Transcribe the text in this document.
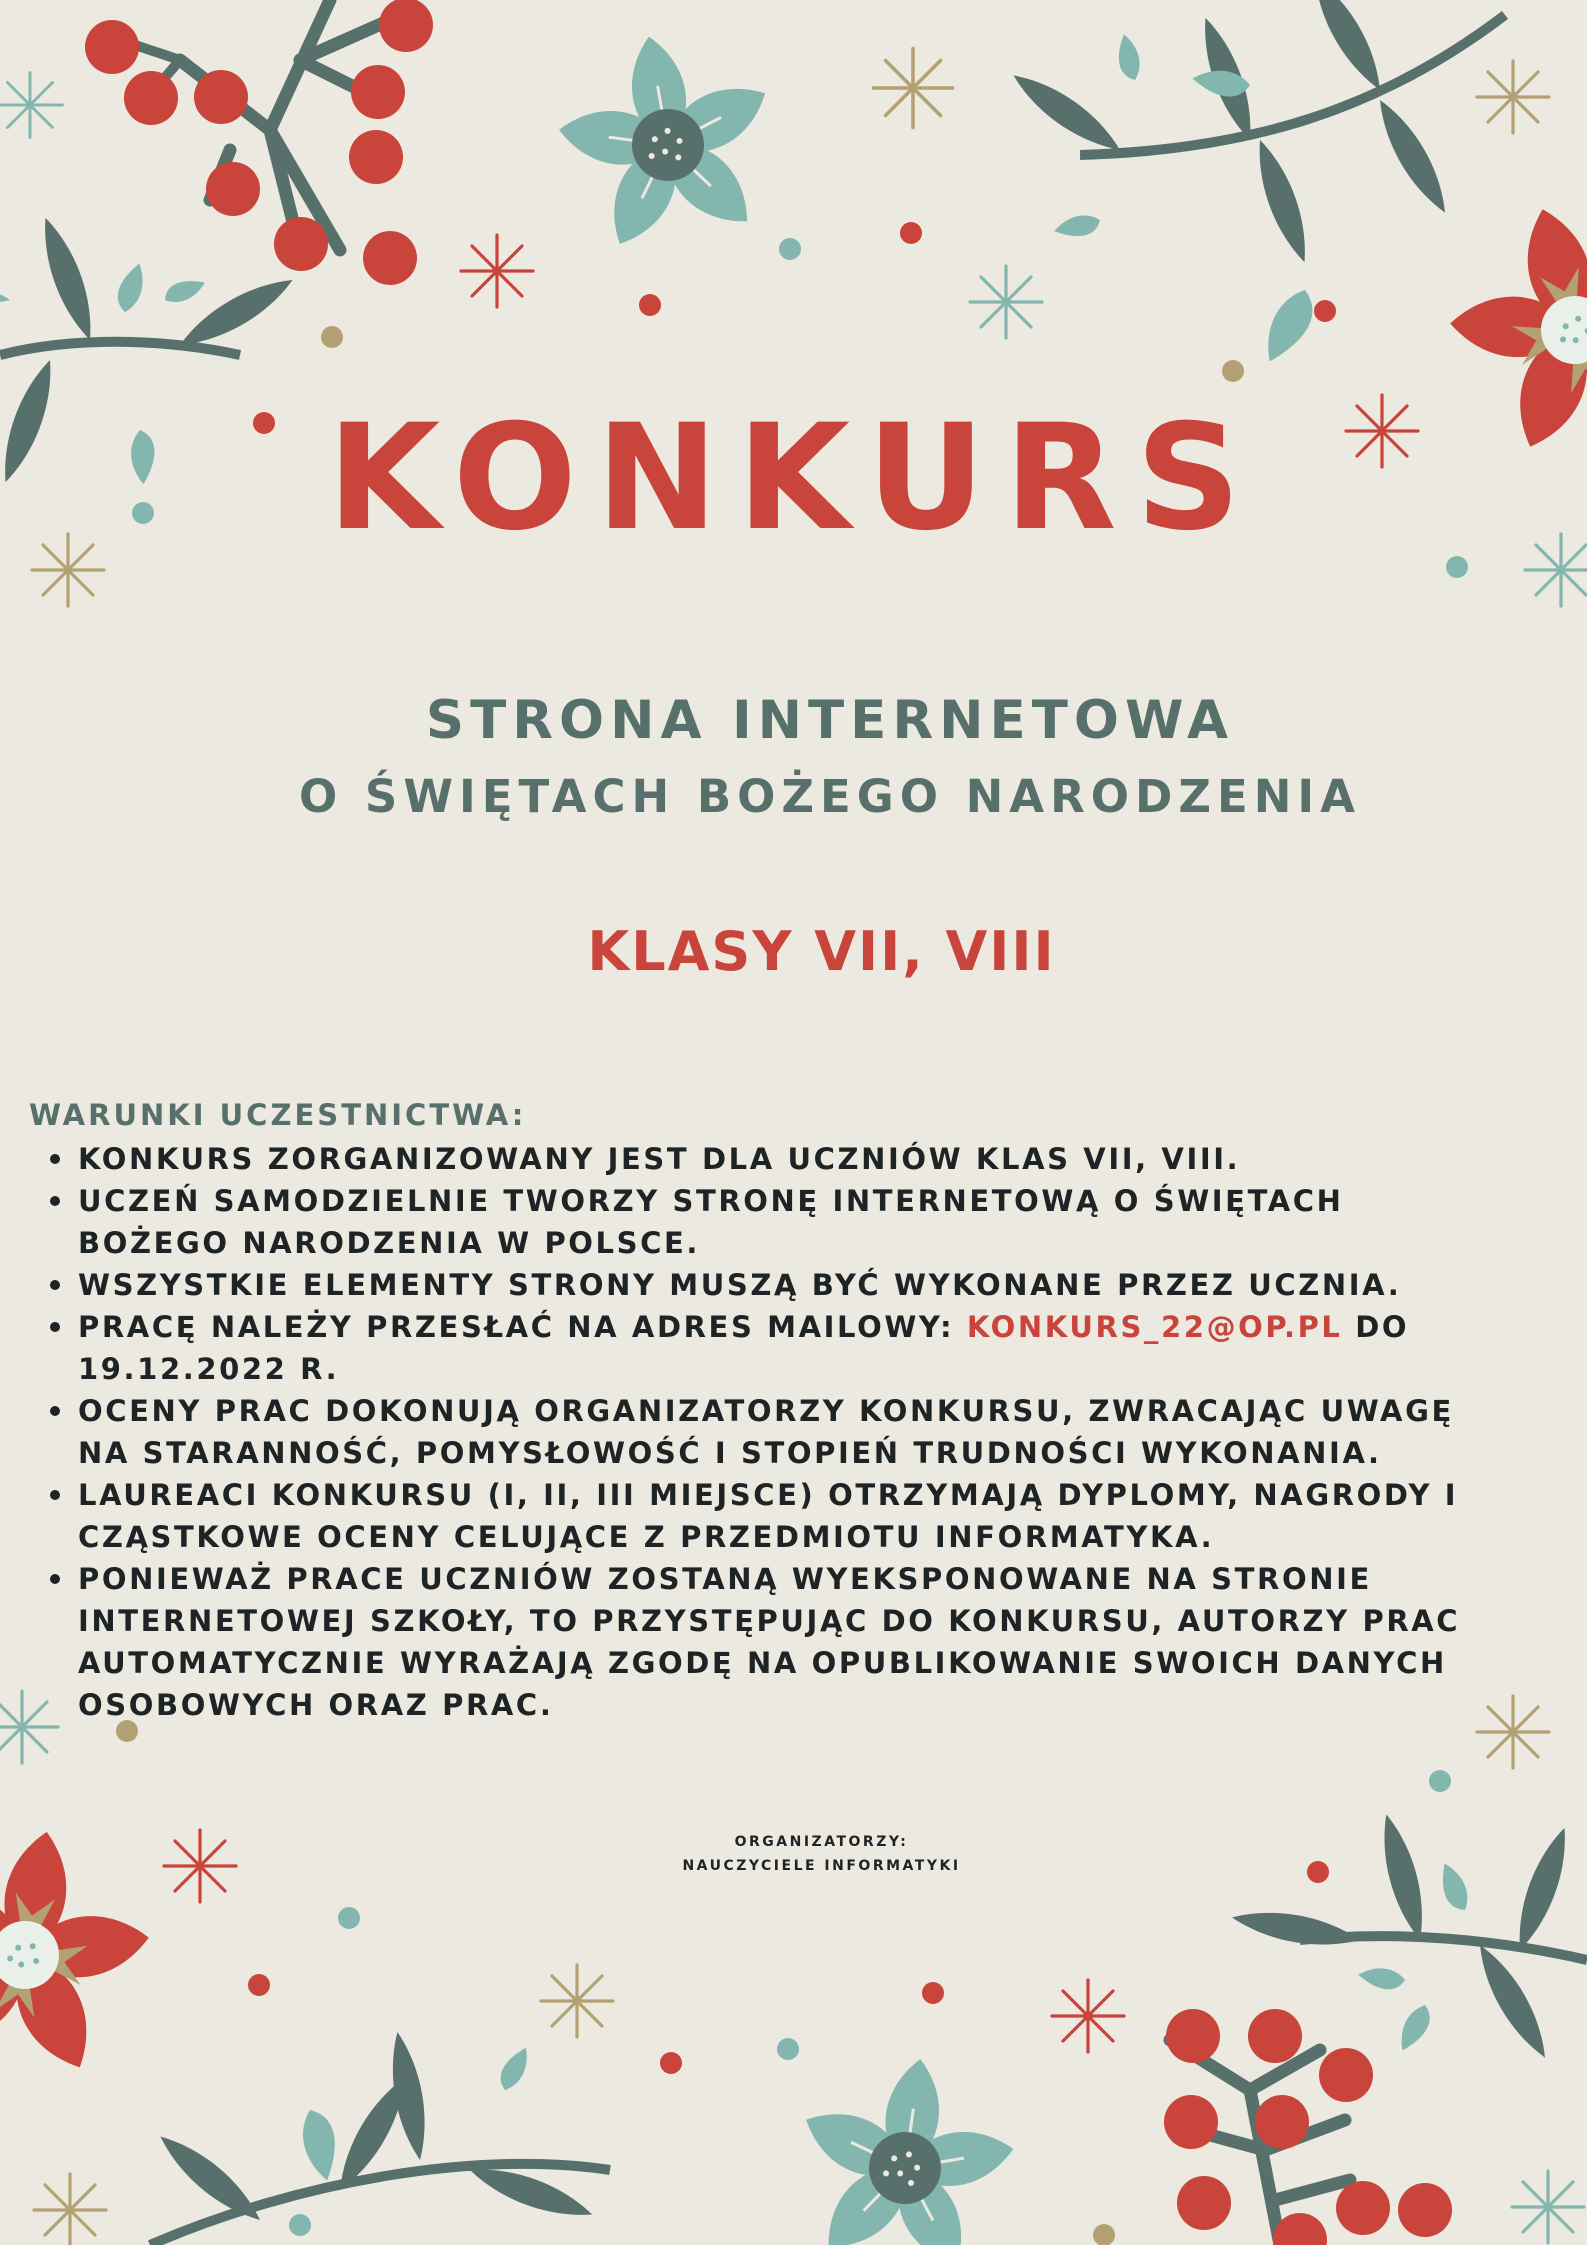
KONKURS
STRONA INTERNETOWA
O ŚWIĘTACH BOŻEGO NARODZENIA
KLASY VII, VIII
WARUNKI UCZESTNICTWA:
KONKURS ZORGANIZOWANY JEST DLA UCZNIÓW KLAS VII, VIII.
UCZEŃ SAMODZIELNIE TWORZY STRONĘ INTERNETOWĄ O ŚWIĘTACH BOŻEGO NARODZENIA W POLSCE.
WSZYSTKIE ELEMENTY STRONY MUSZĄ BYĆ WYKONANE PRZEZ UCZNIA.
PRACĘ NALEŻY PRZESŁAĆ NA ADRES MAILOWY: KONKURS_22@OP.PL DO 19.12.2022 R.
OCENY PRAC DOKONUJĄ ORGANIZATORZY KONKURSU, ZWRACAJĄC UWAGĘ NA STARANNOŚĆ, POMYSŁOWOŚĆ I STOPIEŃ TRUDNOŚCI WYKONANIA.
LAUREACI KONKURSU (I, II, III MIEJSCE) OTRZYMAJĄ DYPLOMY, NAGRODY I CZĄSTKOWE OCENY CELUJĄCE Z PRZEDMIOTU INFORMATYKA.
PONIEWAŻ PRACE UCZNIÓW ZOSTANĄ WYEKSPONOWANE NA STRONIE INTERNETOWEJ SZKOŁY, TO PRZYSTĘPUJĄC DO KONKURSU, AUTORZY PRAC AUTOMATYCZNIE WYRAŻAJĄ ZGODĘ NA OPUBLIKOWANIE SWOICH DANYCH OSOBOWYCH ORAZ PRAC.
ORGANIZATORZY:
NAUCZYCIELE INFORMATYKI
